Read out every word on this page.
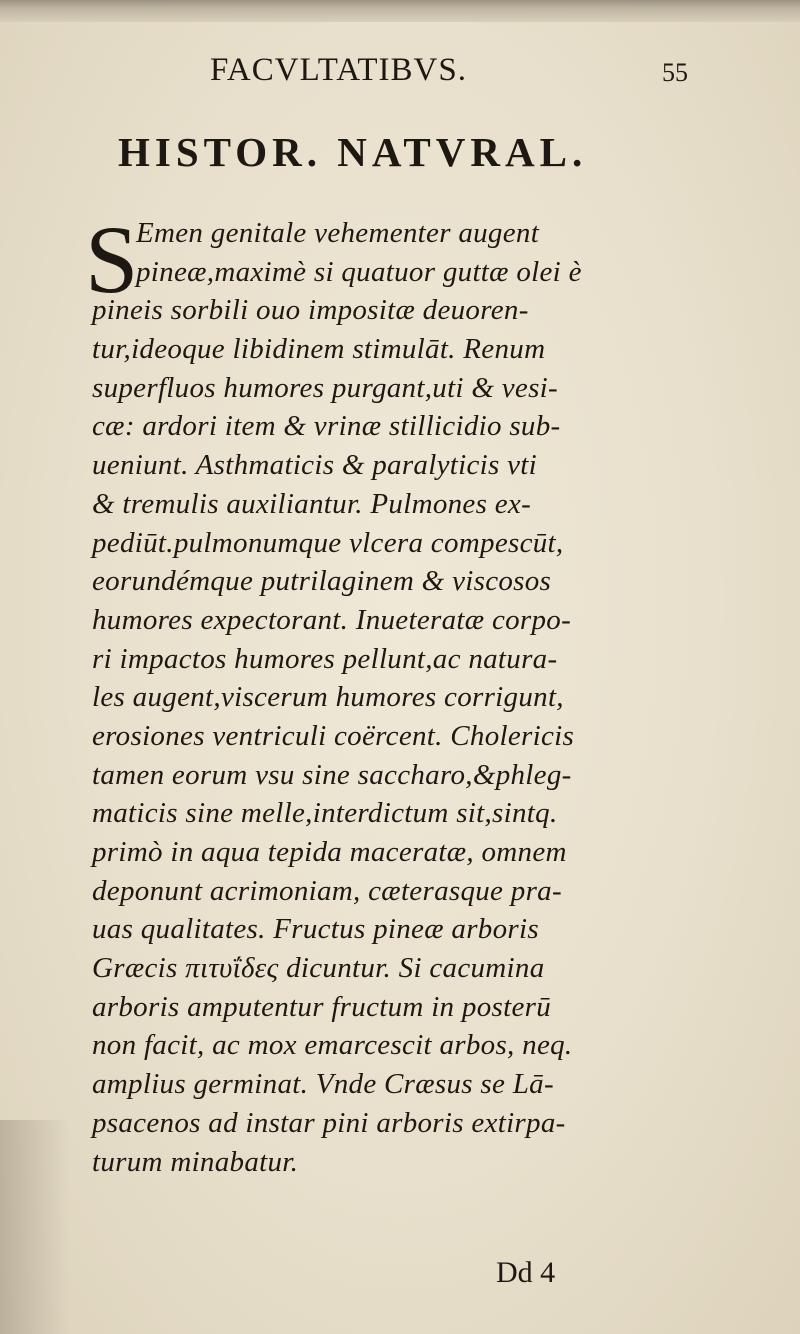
FACVLTATIBVS.	55
HISTOR. NATVRAL.
S
Emen genitale vehementer augent
pineæ,maximè si quatuor guttæ olei è
pineis sorbili ouo impositæ deuoren-
tur,ideoque libidinem stimulāt. Renum
superfluos humores purgant,uti & vesi-
cæ: ardori item & vrinæ stillicidio sub-
ueniunt. Asthmaticis & paralyticis vti
& tremulis auxiliantur. Pulmones ex-
pediūt.pulmonumque vlcera compescūt,
eorundémque putrilaginem & viscosos
humores expectorant. Inueteratæ corpo-
ri impactos humores pellunt,ac natura-
les augent,viscerum humores corrigunt,
erosiones ventriculi coërcent. Cholericis
tamen eorum vsu sine saccharo,&phleg-
maticis sine melle,interdictum sit,sintq.
primò in aqua tepida maceratæ, omnem
deponunt acrimoniam, cæterasque pra-
uas qualitates. Fructus pineæ arboris
Græcis πιτυΐδες dicuntur. Si cacumina
arboris amputentur fructum in posterū
non facit, ac mox emarcescit arbos, neq.
amplius germinat. Vnde Cræsus se Lā-
psacenos ad instar pini arboris extirpa-
turum minabatur.
Dd 4
